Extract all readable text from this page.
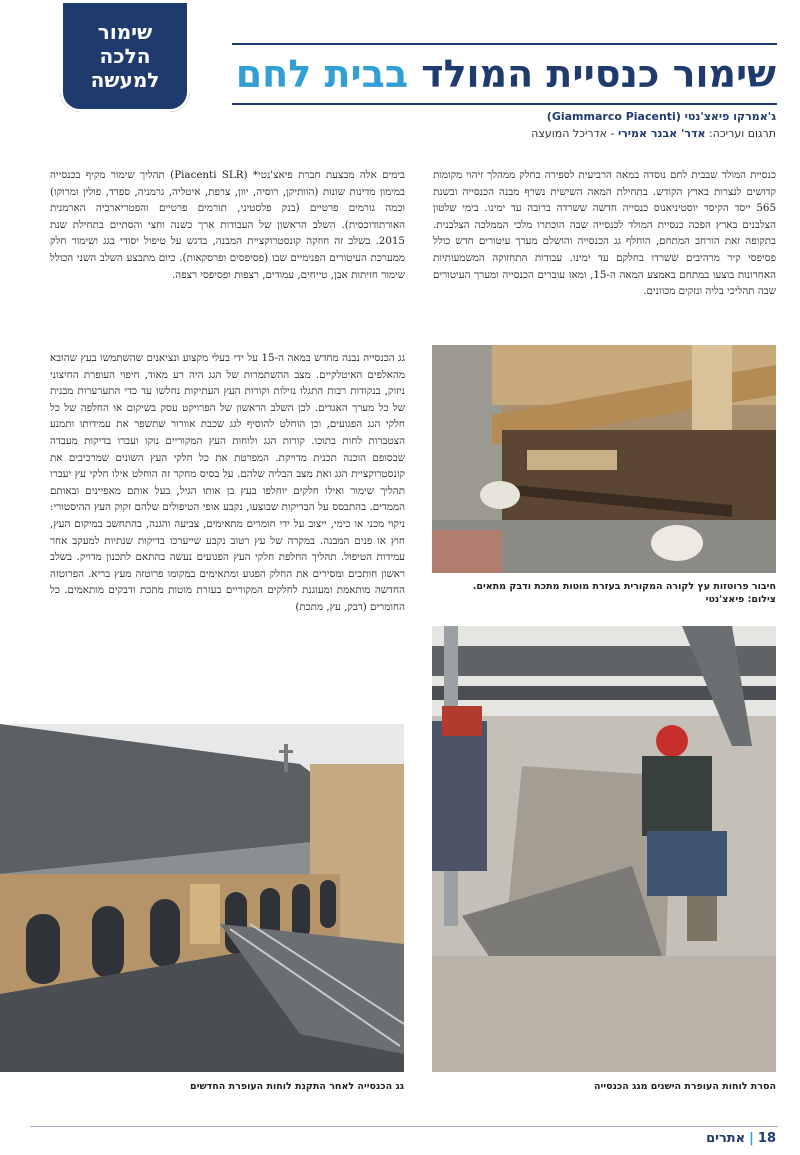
שימור
הלכה
למעשה	שימור כנסיית המולד בבית לחם
ג'אמרקו פיאצ'נטי (Giammarco Piacenti)
תרגום ועריכה: אדר' אבנר אמירי - אדריכל המועצה

כנסיית המולד שבבית לחם נוסדה במאה הרביעית לספירה כחלק ממהלך זיהוי מקומות קדושים לנצרות בארץ הקודש. בתחילת המאה השישית נשרף מבנה הכנסייה ובשנת 565 ייסד הקיסר יוסטיניאנוס כנסייה חדשה ששרדה ברובה עד ימינו. בימי שלטון הצלבנים בארץ הפכה כנסיית המולד לכנסייה שבה הוכתרו מלכי הממלכה הצלבנית. בתקופה זאת הורחב המתחם, הוחלף גג הכנסייה והושלם מערך עיטורים חדש כולל פסיפסי קיר מרהיבים ששרדו בחלקם עד ימינו. עבודות התחזוקה המשמעותיות האחרונות בוצעו במתחם באמצע המאה ה-15, ומאז עוברים הכנסייה ומערך העיטורים שבה תהליכי בליה ונזקים מכוונים.

בימים אלה מבצעת חברת פיאצ'נטי* (Piacenti SLR) תהליך שימור מקיף בכנסייה במימון מדינות שונות (הוותיקן, רוסיה, יוון, צרפת, איטליה, גרמניה, ספרד, פולין ומרוקו) וכמה גורמים פרטיים (בנק פלסטיני, תורמים פרטיים והפטריארכיה הארמנית האורתודוכסית). השלב הראשון של העבודות ארך כשנה וחצי והסתיים בתחילת שנת 2015. בשלב זה חוזקה קונסטרוקציית המבנה, בדגש על טיפול יסודי בגג ושימור חלק ממערכת העיטורים הפנימיים שבו (פסיפסים ופרסקאות). כיום מתבצע השלב השני הכולל שימור חזיתות אבן, טייחים, עמודים, רצפות ופסיפסי רצפה.

גג הכנסייה נבנה מחדש במאה ה-15 על ידי בעלי מקצוע ונציאנים שהשתמשו בעץ שהובא מהאלפים האיטלקיים. מצב ההשתמרות של הגג היה רע מאוד, חיפוי העופרת החיצוני ניזוק, בנקודות רבות התגלו נזילות וקורות העץ העתיקות נחלשו עד כדי התערערות מבנית של כל מערך האגדים. לכן השלב הראשון של הפרויקט עסק בשיקום או החלפה של כל חלקי הגג הפגועים, וכן הוחלט להוסיף לגג שכבת אוורור שתשפר את עמידותו ותמנע הצטברות לחות בתוכו. קורות הגג ולוחות העץ המקוריים נוקו ועברו בדיקות מעבדה שבסופם הוכנה תכנית מדויקת. המפרטת את כל חלקי העץ השונים שמרכיבים את קונסטרוקציית הגג ואת מצב הבליה שלהם. על בסיס מחקר זה הוחלט אילו חלקי עץ יעברו תהליך שימור ואילו חלקים יוחלפו בעץ בן אותו הגיל, בעל אותם מאפיינים ובאותם הממדים. בהתבסס על הבדיקות שבוצעו, נקבע אופי הטיפולים שלהם זקוק העץ ההיסטורי: ניקוי מכני או כימי, ייצוב על ידי חומרים מתאימים, צביעה והגנה, בהתחשב במיקום העץ, חוץ או פנים המבנה. במקרה של עץ רטוב נקבע שייערכו בדיקות שנתיות למעקב אחר עמידות הטיפול. תהליך החלפת חלקי העץ הפגועים נעשה בהתאם לתכנון מדויק. בשלב ראשון חותכים ומסירים את החלק הפגוע ומתאימים במקומו פרוטזה מעץ בריא. הפרוטזה החדשה מותאמת ומעוגנת לחלקים המקוריים בעזרת מוטות מתכת ודבקים מותאמים. כל החומרים (דבק, עץ, מתכת)

חיבור פרוטזות עץ לקורה המקורית בעזרת מוטות מתכת ודבק מתאים.
צילום: פיאצ'נטי
הסרת לוחות העופרת הישנים מגג הכנסייה
גג הכנסייה לאחר התקנת לוחות העופרת החדשים
18|אתרים
